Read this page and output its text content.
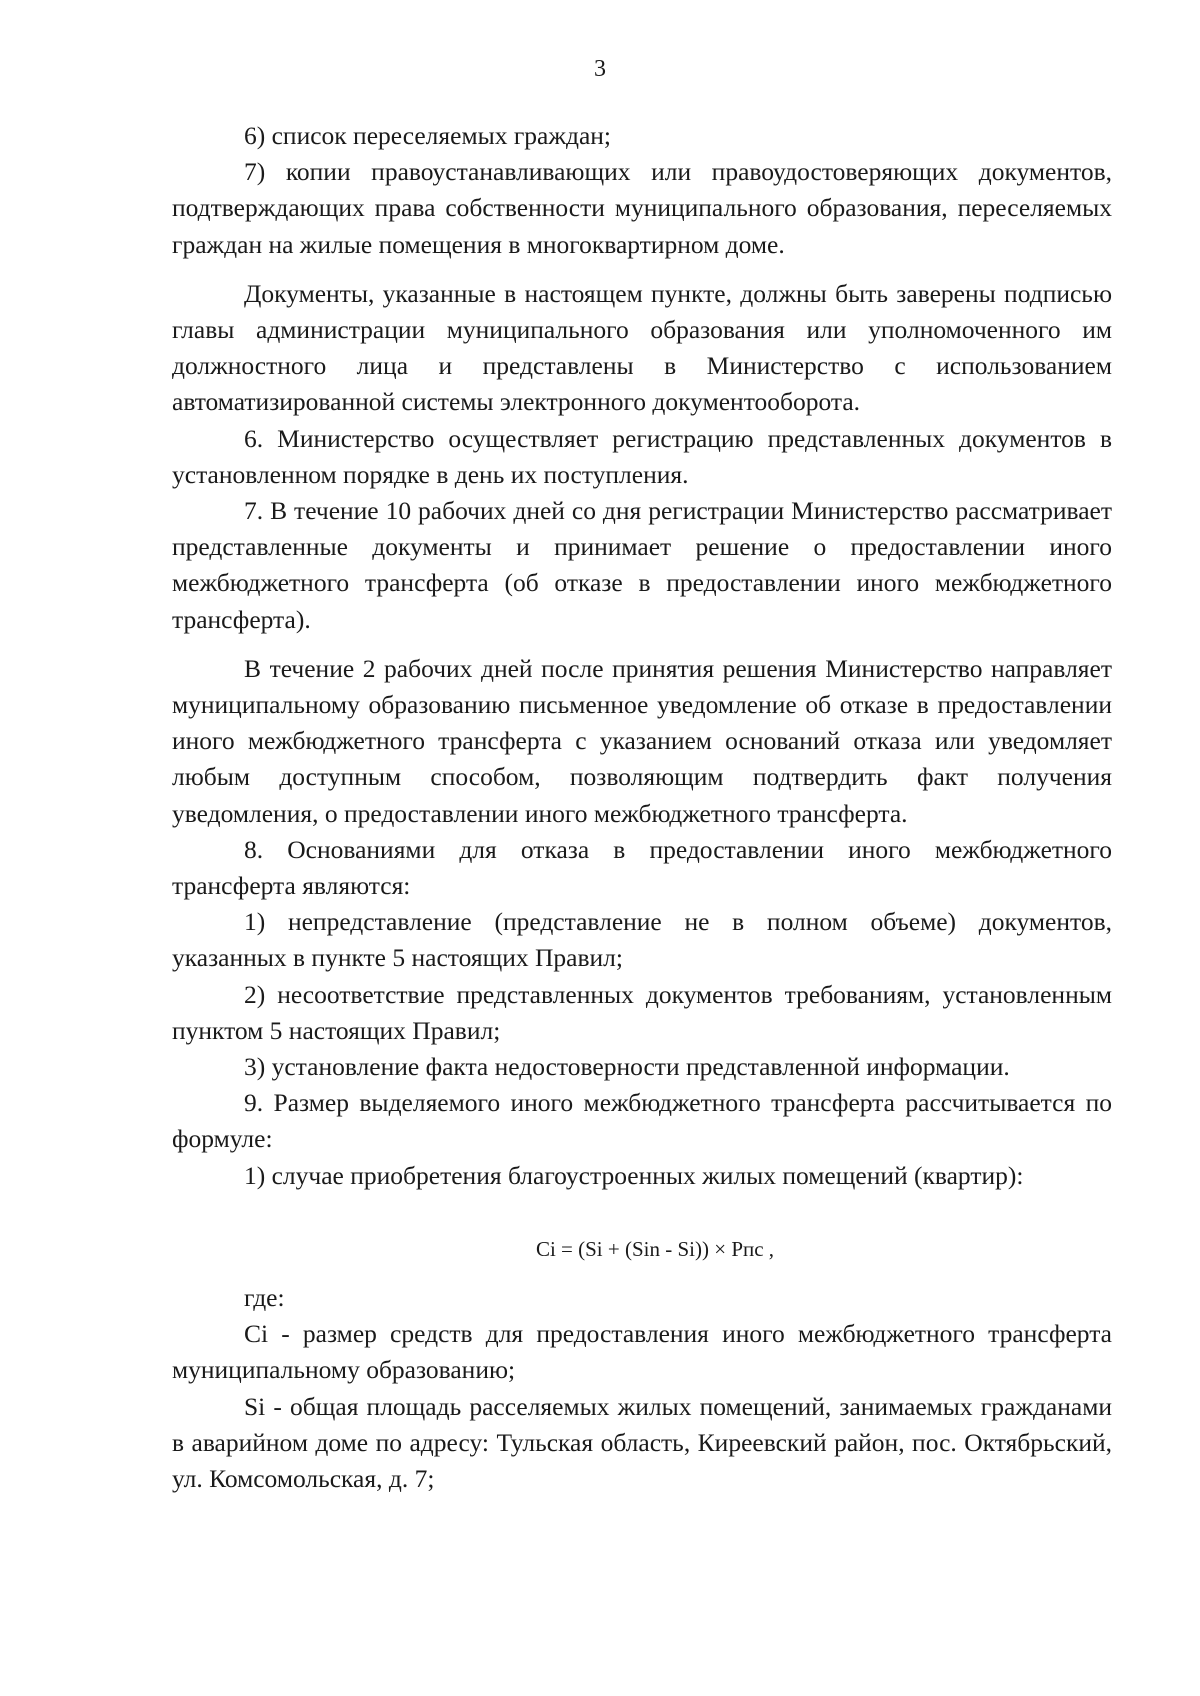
3

6) список переселяемых граждан;

7) копии правоустанавливающих или правоудостоверяющих документов, подтверждающих права собственности муниципального образования, переселяемых граждан на жилые помещения в многоквартирном доме.

Документы, указанные в настоящем пункте, должны быть заверены подписью главы администрации муниципального образования или уполномоченного им должностного лица и представлены в Министерство с использованием автоматизированной системы электронного документооборота.

6. Министерство осуществляет регистрацию представленных документов в установленном порядке в день их поступления.

7. В течение 10 рабочих дней со дня регистрации Министерство рассматривает представленные документы и принимает решение о предоставлении иного межбюджетного трансферта (об отказе в предоставлении иного межбюджетного трансферта).

В течение 2 рабочих дней после принятия решения Министерство направляет муниципальному образованию письменное уведомление об отказе в предоставлении иного межбюджетного трансферта с указанием оснований отказа или уведомляет любым доступным способом, позволяющим подтвердить факт получения уведомления, о предоставлении иного межбюджетного трансферта.

8. Основаниями для отказа в предоставлении иного межбюджетного трансферта являются:

1) непредставление (представление не в полном объеме) документов, указанных в пункте 5 настоящих Правил;

2) несоответствие представленных документов требованиям, установленным пунктом 5 настоящих Правил;

3) установление факта недостоверности представленной информации.

9. Размер выделяемого иного межбюджетного трансферта рассчитывается по формуле:

1) случае приобретения благоустроенных жилых помещений (квартир):

Ci = (Si + (Sin - Si)) × Pпс ,

где:

Ci - размер средств для предоставления иного межбюджетного трансферта муниципальному образованию;

Si - общая площадь расселяемых жилых помещений, занимаемых гражданами в аварийном доме по адресу: Тульская область, Киреевский район, пос. Октябрьский, ул. Комсомольская, д. 7;
